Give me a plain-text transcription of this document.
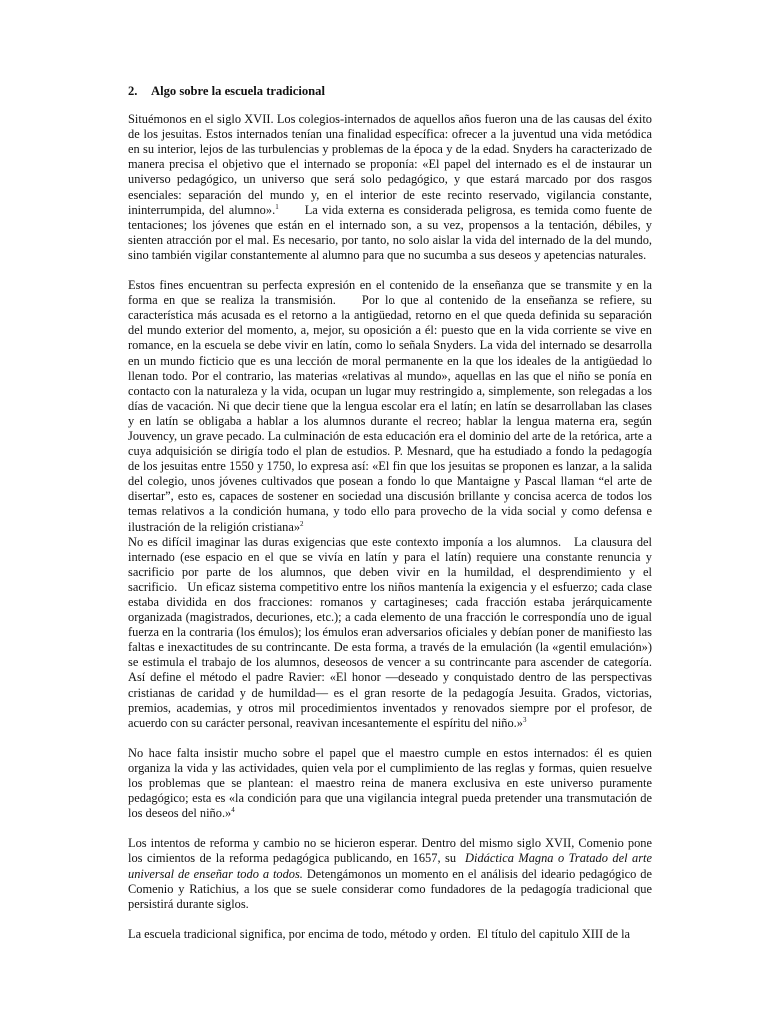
2. Algo sobre la escuela tradicional

Situémonos en el siglo XVII. Los colegios-internados de aquellos años fueron una de las causas del éxito de los jesuitas. Estos internados tenían una finalidad específica: ofrecer a la juventud una vida metódica en su interior, lejos de las turbulencias y problemas de la época y de la edad. Snyders ha caracterizado de manera precisa el objetivo que el internado se proponía: «El papel del internado es el de instaurar un universo pedagógico, un universo que será solo pedagógico, y que estará marcado por dos rasgos esenciales: separación del mundo y, en el interior de este recinto reservado, vigilancia constante, ininterrumpida, del alumno».$^1$ La vida externa es considerada peligrosa, es temida como fuente de tentaciones; los jóvenes que están en el internado son, a su vez, propensos a la tentación, débiles, y sienten atracción por el mal. Es necesario, por tanto, no solo aislar la vida del internado de la del mundo, sino también vigilar constantemente al alumno para que no sucumba a sus deseos y apetencias naturales.

Estos fines encuentran su perfecta expresión en el contenido de la enseñanza que se transmite y en la forma en que se realiza la transmisión. Por lo que al contenido de la enseñanza se refiere, su característica más acusada es el retorno a la antigüedad, retorno en el que queda definida su separación del mundo exterior del momento, a, mejor, su oposición a él: puesto que en la vida corriente se vive en romance, en la escuela se debe vivir en latín, como lo señala Snyders. La vida del internado se desarrolla en un mundo ficticio que es una lección de moral permanente en la que los ideales de la antigüedad lo llenan todo. Por el contrario, las materias «relativas al mundo», aquellas en las que el niño se ponía en contacto con la naturaleza y la vida, ocupan un lugar muy restringido a, simplemente, son relegadas a los días de vacación. Ni que decir tiene que la lengua escolar era el latín; en latín se desarrollaban las clases y en latín se obligaba a hablar a los alumnos durante el recreo; hablar la lengua materna era, según Jouvency, un grave pecado. La culminación de esta educación era el dominio del arte de la retórica, arte a cuya adquisición se dirigía todo el plan de estudios. P. Mesnard, que ha estudiado a fondo la pedagogía de los jesuitas entre 1550 y 1750, lo expresa así: «El fin que los jesuitas se proponen es lanzar, a la salida del colegio, unos jóvenes cultivados que posean a fondo lo que Mantaigne y Pascal llaman “el arte de disertar”, esto es, capaces de sostener en sociedad una discusión brillante y concisa acerca de todos los temas relativos a la condición humana, y todo ello para provecho de la vida social y como defensa e ilustración de la religión cristiana»$^2$

No es difícil imaginar las duras exigencias que este contexto imponía a los alumnos. La clausura del internado (ese espacio en el que se vivía en latín y para el latín) requiere una constante renuncia y sacrificio por parte de los alumnos, que deben vivir en la humildad, el desprendimiento y el sacrificio. Un eficaz sistema competitivo entre los niños mantenía la exigencia y el esfuerzo; cada clase estaba dividida en dos fracciones: romanos y cartagineses; cada fracción estaba jerárquicamente organizada (magistrados, decuriones, etc.); a cada elemento de una fracción le correspondía uno de igual fuerza en la contraria (los émulos); los émulos eran adversarios oficiales y debían poner de manifiesto las faltas e inexactitudes de su contrincante. De esta forma, a través de la emulación (la «gentil emulación») se estimula el trabajo de los alumnos, deseosos de vencer a su contrincante para ascender de categoría. Así define el método el padre Ravier: «El honor —deseado y conquistado dentro de las perspectivas cristianas de caridad y de humildad— es el gran resorte de la pedagogía Jesuita. Grados, victorias, premios, academias, y otros mil procedimientos inventados y renovados siempre por el profesor, de acuerdo con su carácter personal, reavivan incesantemente el espíritu del niño.»$^3$

No hace falta insistir mucho sobre el papel que el maestro cumple en estos internados: él es quien organiza la vida y las actividades, quien vela por el cumplimiento de las reglas y formas, quien resuelve los problemas que se plantean: el maestro reina de manera exclusiva en este universo puramente pedagógico; esta es «la condición para que una vigilancia integral pueda pretender una transmutación de los deseos del niño.»$^4$

Los intentos de reforma y cambio no se hicieron esperar. Dentro del mismo siglo XVII, Comenio pone los cimientos de la reforma pedagógica publicando, en 1657, su Didáctica Magna o Tratado del arte universal de enseñar todo a todos. Detengámonos un momento en el análisis del ideario pedagógico de Comenio y Ratichius, a los que se suele considerar como fundadores de la pedagogía tradicional que persistirá durante siglos.

La escuela tradicional significa, por encima de todo, método y orden. El título del capitulo XIII de la
